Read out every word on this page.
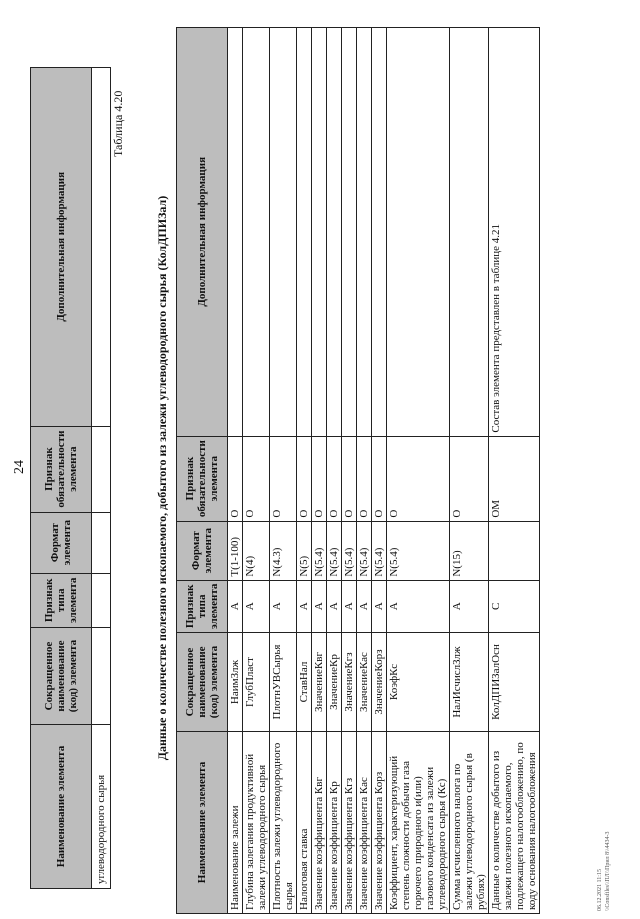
24
Наименование элемента	Сокращенное наименование (код) элемента	Признак типа элемента	Формат элемента	Признак обязательности элемента	Дополнительная информация
углеводородного сырья					
Таблица 4.20
Данные о количестве полезного ископаемого, добытого из залежи углеводородного сырья (КолДПИЗал)
Наименование элемента	Сокращенное наименование (код) элемента	Признак типа элемента	Формат элемента	Признак обязательности элемента	Дополнительная информация
Наименование залежи	НаимЗлж	А	T(1-100)	О	
Глубина залегания продуктивной залежи углеводородного сырья	ГлубПласт	А	N(4)	О	
Плотность залежи углеводородного сырья	ПлотнУВСырья	А	N(4.3)	О	
Налоговая ставка	СтавНал	А	N(5)	О	
Значение коэффициента Квг	ЗначениеКвг	А	N(5.4)	О	
Значение коэффициента Кр	ЗначениеКр	А	N(5.4)	О	
Значение коэффициента Кгз	ЗначениеКгз	А	N(5.4)	О	
Значение коэффициента Кас	ЗначениеКас	А	N(5.4)	О	
Значение коэффициента Корз	ЗначениеКорз	А	N(5.4)	О	
Коэффициент, характеризующий степень сложности добычи газа горючего природного и(или) газового конденсата из залежи углеводородного сырья (Кс)	КоэфКс	А	N(5.4)	О	
Сумма исчисленного налога по залежи углеводородного сырья (в рублях)	НалИсчислЗлж	А	N(15)	О	
Данные о количестве добытого из залежи полезного ископаемого, подлежащего налогообложению, по коду основания налогообложения	КолДПИЗалОсн	С		ОМ	Состав элемента представлен в таблице 4.21
06.12.2021 11:15 \\Consfiles\\ПЛ\\Прил 8\\4434-3
